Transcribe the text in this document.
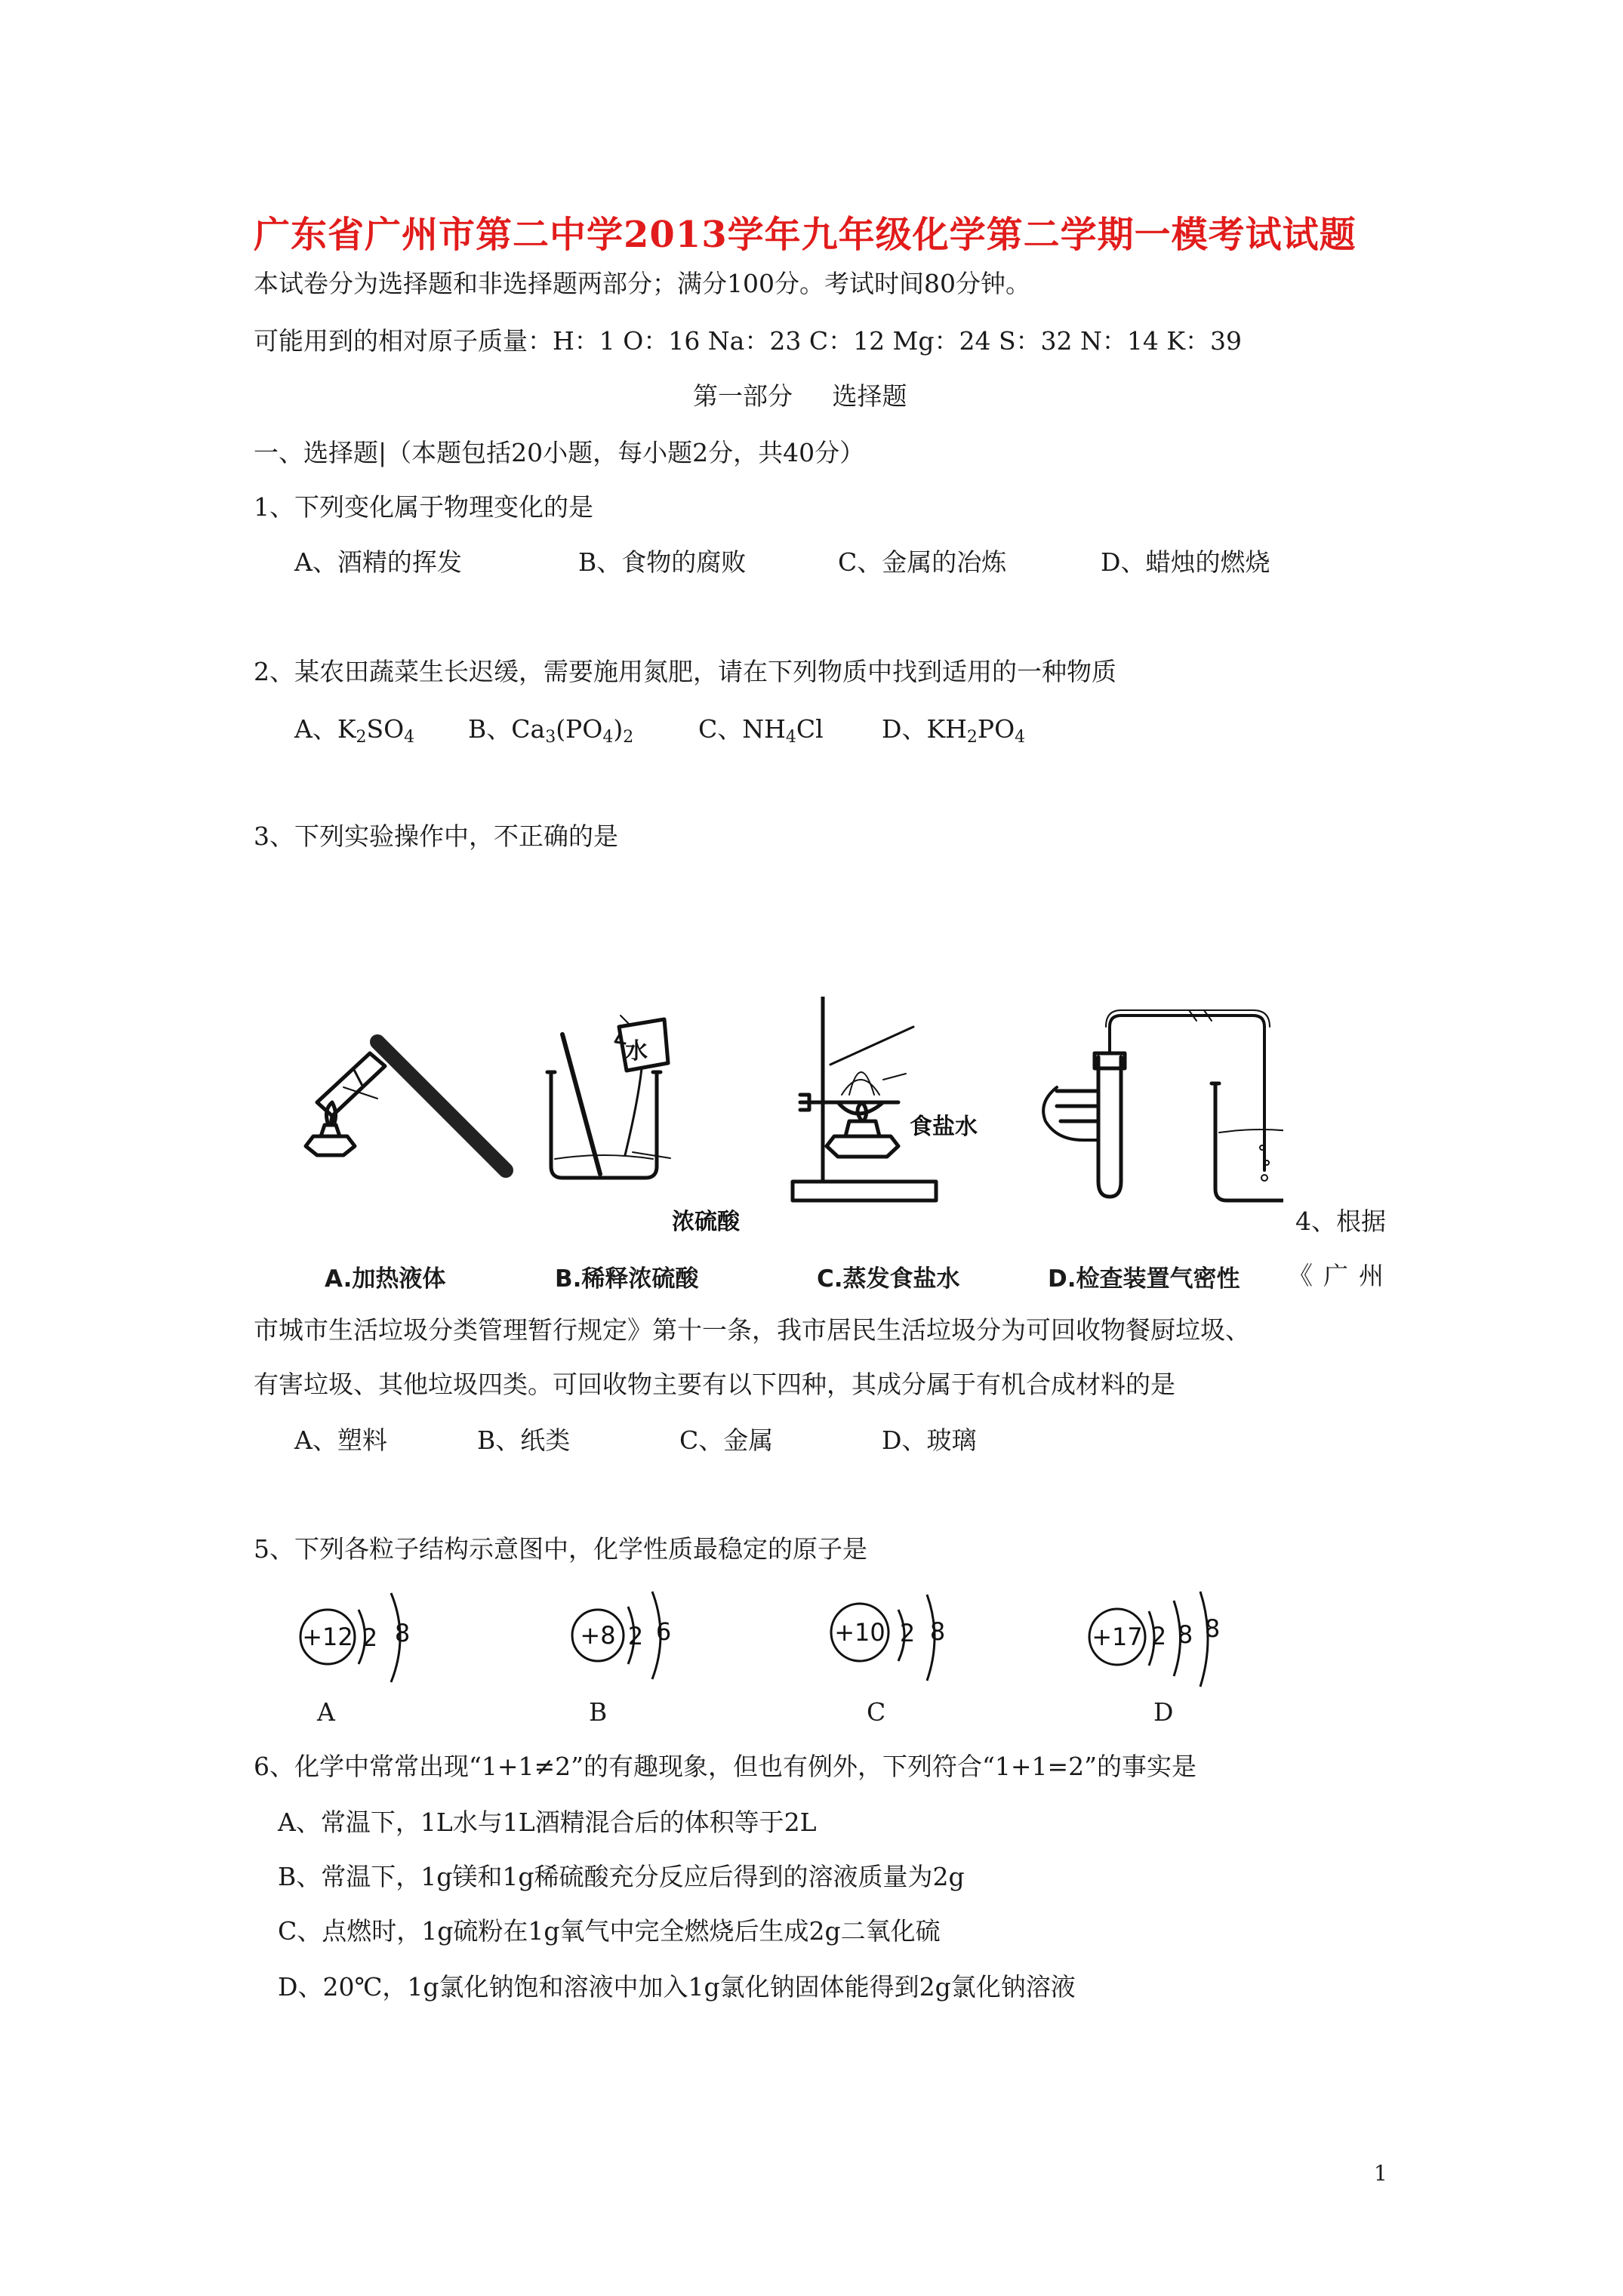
广东省广州市第二中学2013学年九年级化学第二学期一模考试试题
本试卷分为选择题和非选择题两部分；满分100分。考试时间80分钟。
可能用到的相对原子质量：H：1 O：16 Na：23 C：12 Mg：24 S：32 N：14 K：39
第一部分     选择题
一、选择题|（本题包括20小题，每小题2分，共40分）
1、下列变化属于物理变化的是
A、酒精的挥发	B、食物的腐败	C、金属的冶炼	D、蜡烛的燃烧
2、某农田蔬菜生长迟缓，需要施用氮肥，请在下列物质中找到适用的一种物质
A、$K_2SO_4$ B、$Ca_3(PO_4)_2$	C、$NH_4Cl$ D、$KH_2PO_4$
3、下列实验操作中，不正确的是
水
浓硫酸
食盐水
A.加热液体	B.稀释浓硫酸	C.蒸发食盐水	D.检查装置气密性
4、根据
《广州
市城市生活垃圾分类管理暂行规定》第十一条，我市居民生活垃圾分为可回收物餐厨垃圾、
有害垃圾、其他垃圾四类。可回收物主要有以下四种，其成分属于有机合成材料的是
A、塑料	B、纸类	C、金属	D、玻璃
5、下列各粒子结构示意图中，化学性质最稳定的原子是
+12 2 8	+8 2 6	+10 2 8	+17 2 8 8
A	B	C	D
6、化学中常常出现“1+1≠2”的有趣现象，但也有例外，下列符合“1+1=2”的事实是
A、常温下，1L水与1L酒精混合后的体积等于2L
B、常温下，1g镁和1g稀硫酸充分反应后得到的溶液质量为2g
C、点燃时，1g硫粉在1g氧气中完全燃烧后生成2g二氧化硫
D、20℃，1g氯化钠饱和溶液中加入1g氯化钠固体能得到2g氯化钠溶液
1
